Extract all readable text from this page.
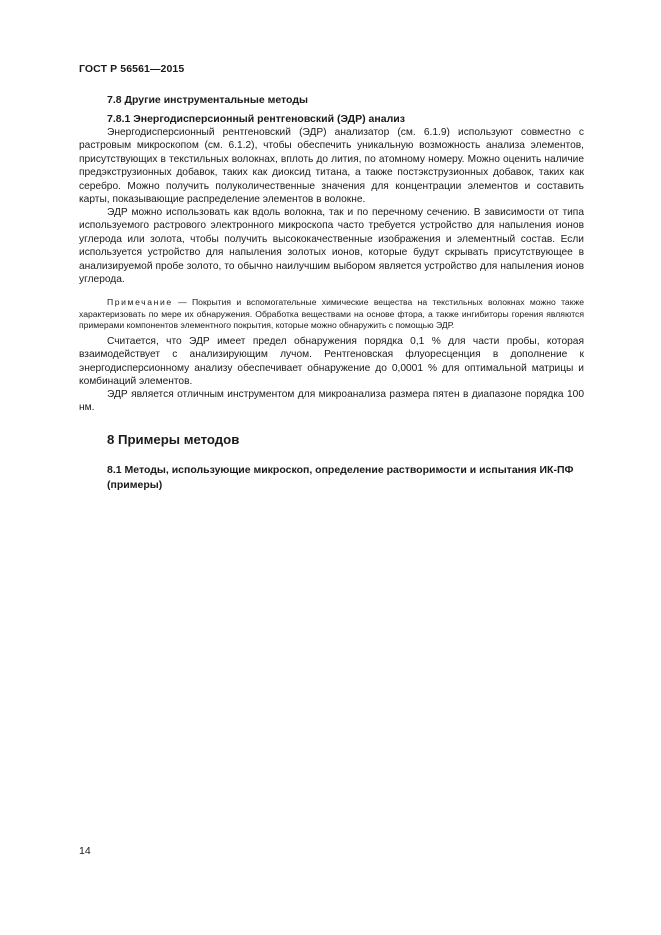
ГОСТ Р 56561—2015
7.8 Другие инструментальные методы
7.8.1 Энергодисперсионный рентгеновский (ЭДР) анализ

Энергодисперсионный рентгеновский (ЭДР) анализатор (см. 6.1.9) используют совместно с растровым микроскопом (см. 6.1.2), чтобы обеспечить уникальную возможность анализа элементов, присутствующих в текстильных волокнах, вплоть до лития, по атомному номеру. Можно оценить наличие предэкструзионных добавок, таких как диоксид титана, а также постэкструзионных добавок, таких как серебро. Можно получить полуколичественные значения для концентрации элементов и составить карты, показывающие распределение элементов в волокне.

ЭДР можно использовать как вдоль волокна, так и по перечному сечению. В зависимости от типа используемого растрового электронного микроскопа часто требуется устройство для напыления ионов углерода или золота, чтобы получить высококачественные изображения и элементный состав. Если используется устройство для напыления золотых ионов, которые будут скрывать присутствующее в анализируемой пробе золото, то обычно наилучшим выбором является устройство для напыления ионов углерода.

Примечание — Покрытия и вспомогательные химические вещества на текстильных волокнах можно также характеризовать по мере их обнаружения. Обработка веществами на основе фтора, а также ингибиторы горения являются примерами компонентов элементного покрытия, которые можно обнаружить с помощью ЭДР.

Считается, что ЭДР имеет предел обнаружения порядка 0,1 % для части пробы, которая взаимодействует с анализирующим лучом. Рентгеновская флуоресценция в дополнение к энергодисперсионному анализу обеспечивает обнаружение до 0,0001 % для оптимальной матрицы и комбинаций элементов.

ЭДР является отличным инструментом для микроанализа размера пятен в диапазоне порядка 100 нм.

8 Примеры методов
8.1 Методы, использующие микроскоп, определение растворимости и испытания ИК-ПФ (примеры)
14
